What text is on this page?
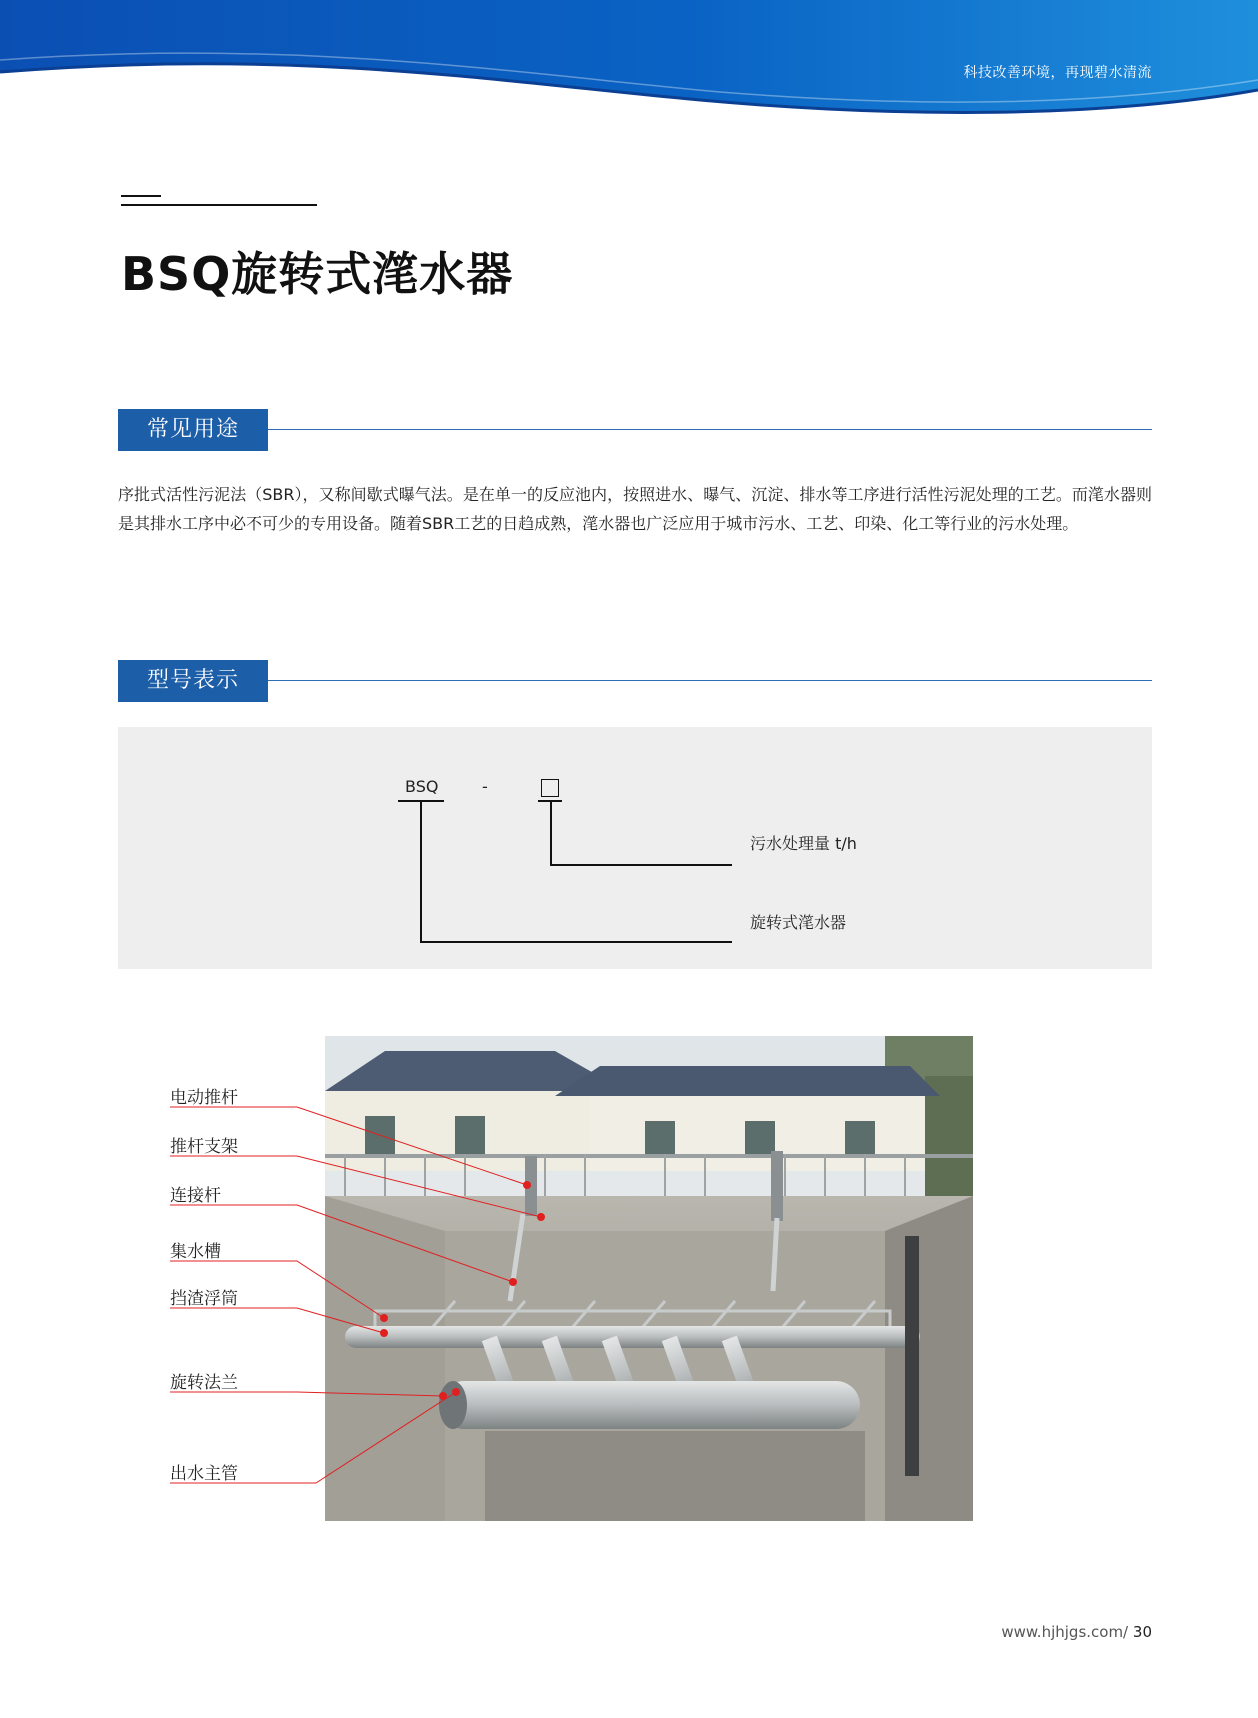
科技改善环境，再现碧水清流
BSQ旋转式滗水器
常见用途

序批式活性污泥法（SBR），又称间歇式曝气法。是在单一的反应池内，按照进水、曝气、沉淀、排水等工序进行活性污泥处理的工艺。而滗水器则是其排水工序中必不可少的专用设备。随着SBR工艺的日趋成熟，滗水器也广泛应用于城市污水、工艺、印染、化工等行业的污水处理。

型号表示
BSQ	-
污水处理量 t/h
旋转式滗水器
电动推杆
推杆支架
连接杆
集水槽
挡渣浮筒
旋转法兰
出水主管
www.hjhjgs.com/ 30
